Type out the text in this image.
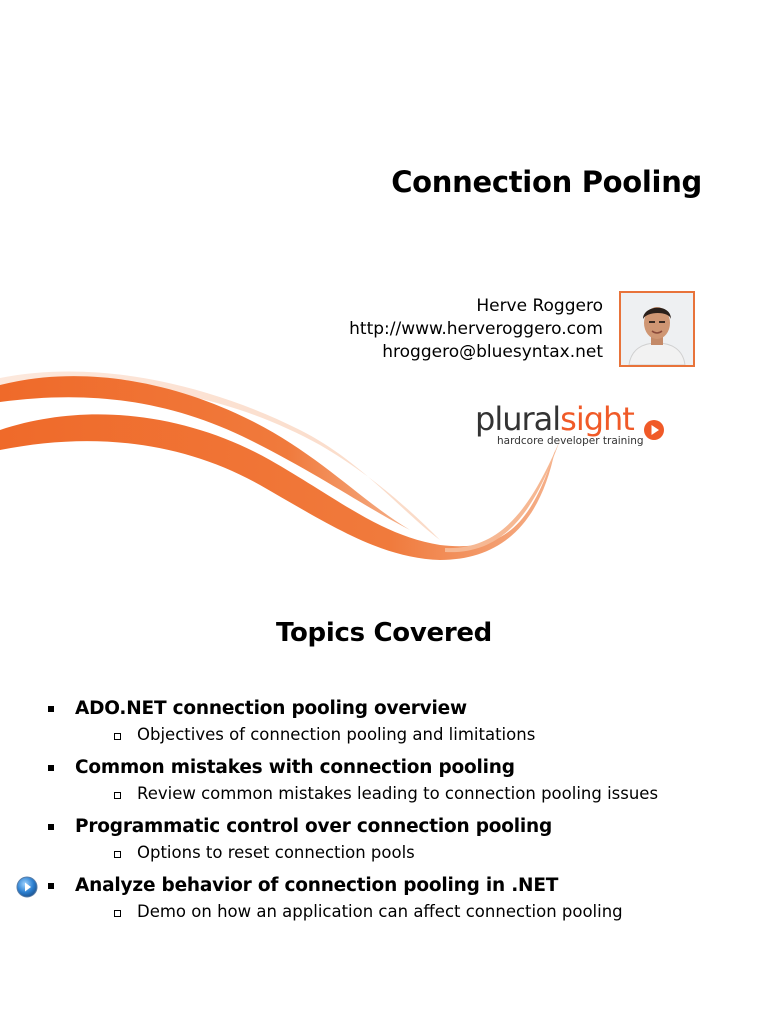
Connection Pooling
Herve Roggero
http://www.herveroggero.com
hroggero@bluesyntax.net
pluralsight
hardcore developer training
Topics Covered
ADO.NET connection pooling overview
Objectives of connection pooling and limitations
Common mistakes with connection pooling
Review common mistakes leading to connection pooling issues
Programmatic control over connection pooling
Options to reset connection pools
Analyze behavior of connection pooling in .NET
Demo on how an application can affect connection pooling
